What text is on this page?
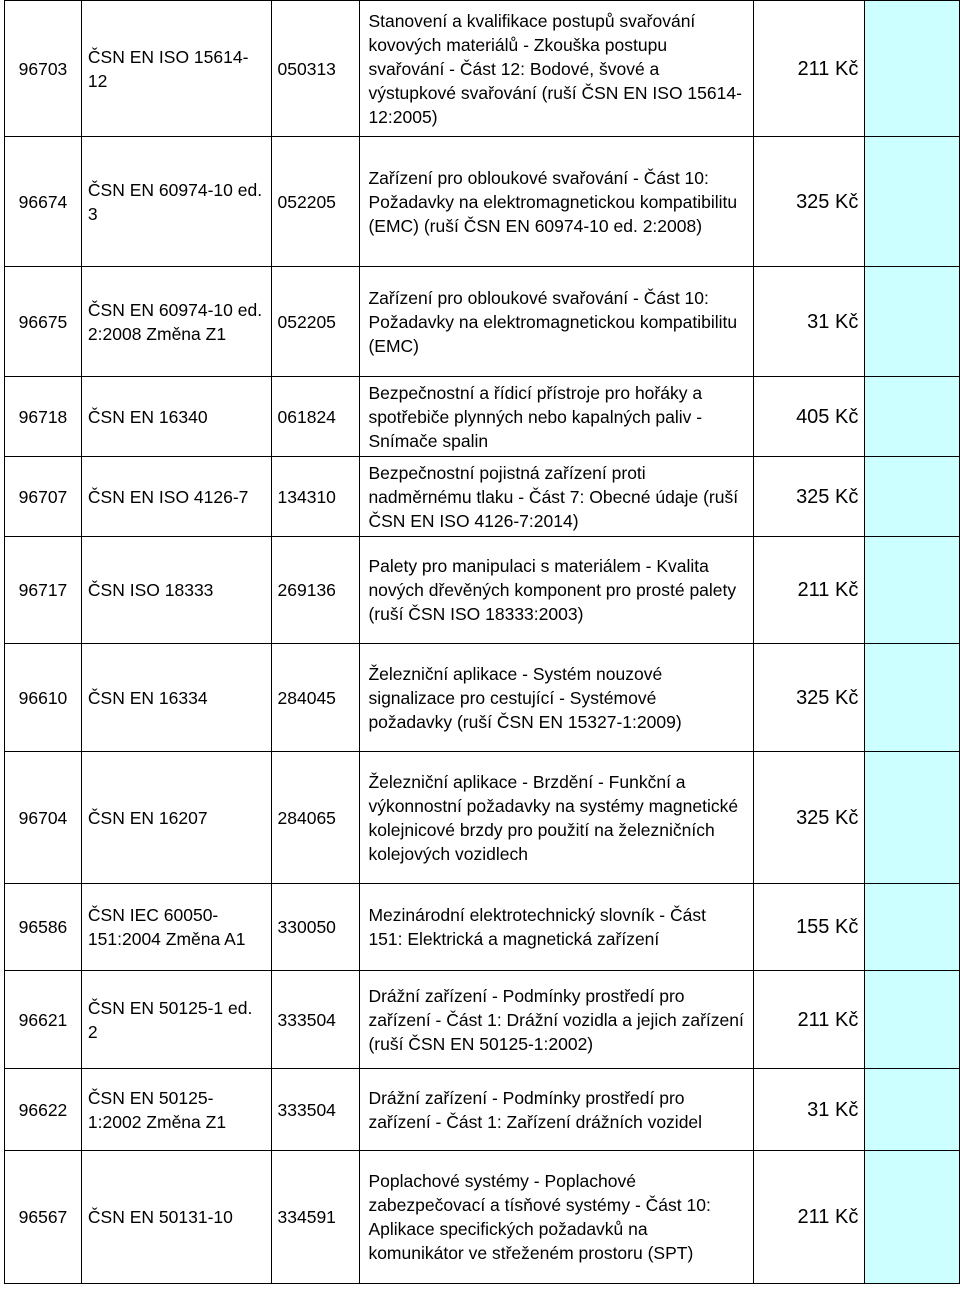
96703	ČSN EN ISO 15614-12	050313	Stanovení a kvalifikace postupů svařování kovových materiálů - Zkouška postupu svařování - Část 12: Bodové, švové a výstupkové svařování (ruší ČSN EN ISO 15614-12:2005)	211 Kč	
96674	ČSN EN 60974-10 ed. 3	052205	Zařízení pro obloukové svařování - Část 10: Požadavky na elektromagnetickou kompatibilitu (EMC) (ruší ČSN EN 60974-10 ed. 2:2008)	325 Kč	
96675	ČSN EN 60974-10 ed. 2:2008 Změna Z1	052205	Zařízení pro obloukové svařování - Část 10: Požadavky na elektromagnetickou kompatibilitu (EMC)	31 Kč	
96718	ČSN EN 16340	061824	Bezpečnostní a řídicí přístroje pro hořáky a spotřebiče plynných nebo kapalných paliv - Snímače spalin	405 Kč	
96707	ČSN EN ISO 4126-7	134310	Bezpečnostní pojistná zařízení proti nadměrnému tlaku - Část 7: Obecné údaje (ruší ČSN EN ISO 4126-7:2014)	325 Kč	
96717	ČSN ISO 18333	269136	Palety pro manipulaci s materiálem - Kvalita nových dřevěných komponent pro prosté palety (ruší ČSN ISO 18333:2003)	211 Kč	
96610	ČSN EN 16334	284045	Železniční aplikace - Systém nouzové signalizace pro cestující - Systémové požadavky (ruší ČSN EN 15327-1:2009)	325 Kč	
96704	ČSN EN 16207	284065	Železniční aplikace - Brzdění - Funkční a výkonnostní požadavky na systémy magnetické kolejnicové brzdy pro použití na železničních kolejových vozidlech	325 Kč	
96586	ČSN IEC 60050-151:2004 Změna A1	330050	Mezinárodní elektrotechnický slovník - Část 151: Elektrická a magnetická zařízení	155 Kč	
96621	ČSN EN 50125-1 ed. 2	333504	Drážní zařízení - Podmínky prostředí pro zařízení - Část 1: Drážní vozidla a jejich zařízení (ruší ČSN EN 50125-1:2002)	211 Kč	
96622	ČSN EN 50125-1:2002 Změna Z1	333504	Drážní zařízení - Podmínky prostředí pro zařízení - Část 1: Zařízení drážních vozidel	31 Kč	
96567	ČSN EN 50131-10	334591	Poplachové systémy - Poplachové zabezpečovací a tísňové systémy - Část 10: Aplikace specifických požadavků na komunikátor ve střeženém prostoru (SPT)	211 Kč	
